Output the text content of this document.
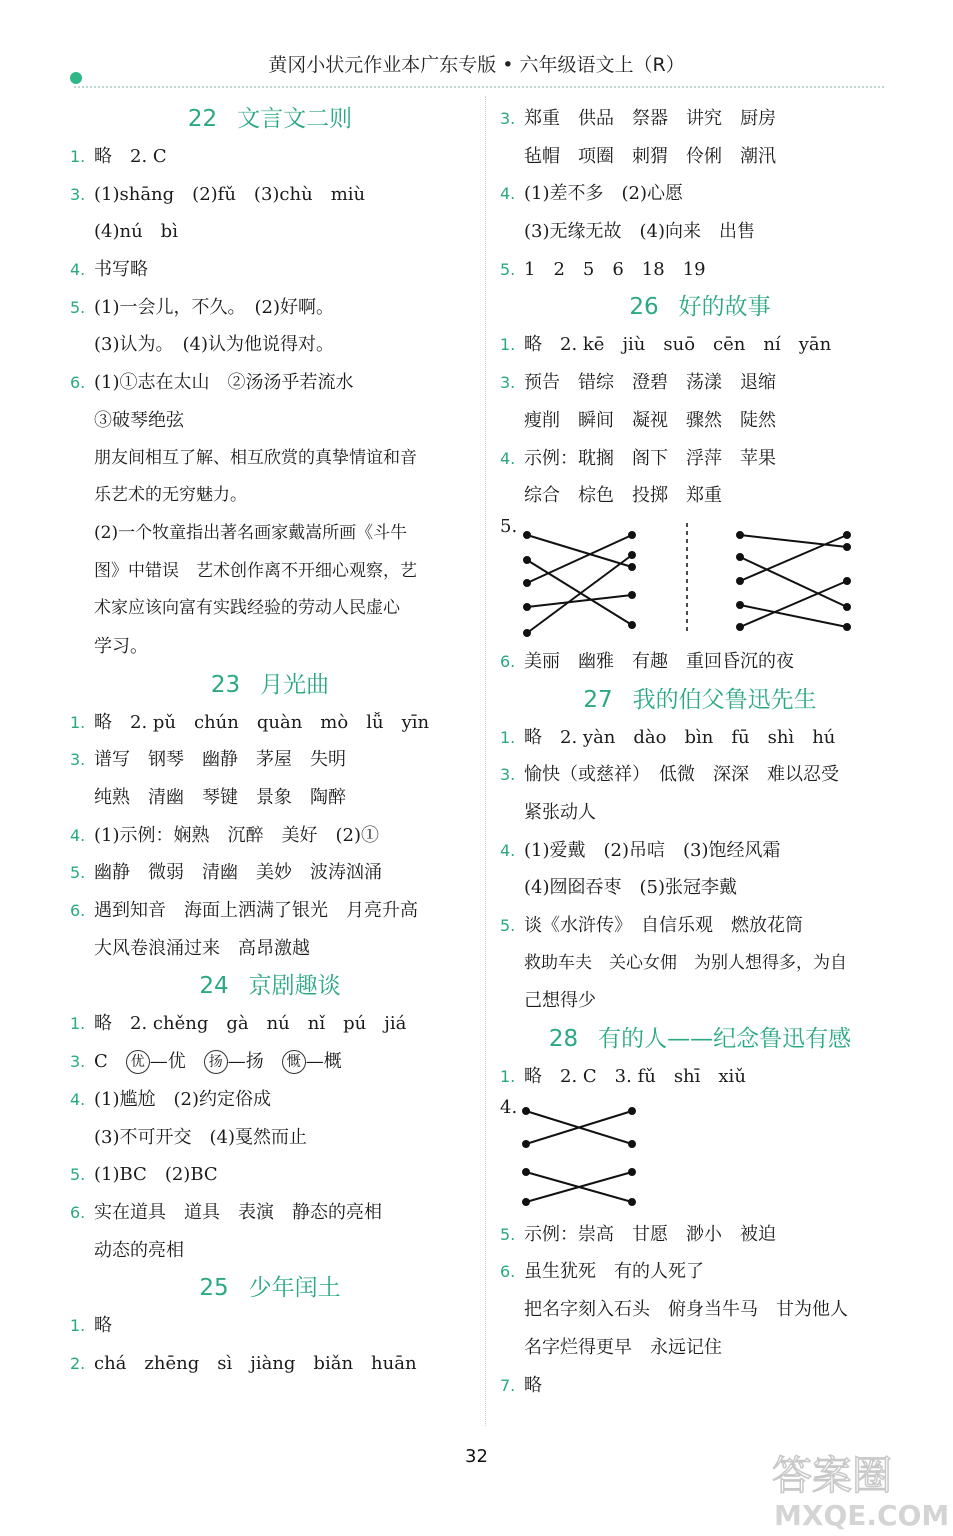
黄冈小状元作业本广东专版 • 六年级语文上（R）
22 文言文二则
1. 略　2. C
3. (1)shāng　(2)fǔ　(3)chù　miù
(4)nú　bì
4. 书写略
5. (1)一会儿，不久。　(2)好啊。
(3)认为。　(4)认为他说得对。
6. (1)①志在太山　②汤汤乎若流水
③破琴绝弦
朋友间相互了解、相互欣赏的真挚情谊和音
乐艺术的无穷魅力。
(2)一个牧童指出著名画家戴嵩所画《斗牛
图》中错误　艺术创作离不开细心观察，艺
术家应该向富有实践经验的劳动人民虚心
学习。
23 月光曲
1. 略　2. pǔ　chún　quàn　mò　lǚ　yīn
3. 谱写　钢琴　幽静　茅屋　失明
纯熟　清幽　琴键　景象　陶醉
4. (1)示例：娴熟　沉醉　美好　(2)①
5. 幽静　微弱　清幽　美妙　波涛汹涌
6. 遇到知音　海面上洒满了银光　月亮升高
大风卷浪涌过来　高昂激越
24 京剧趣谈
1. 略　2. chěng　gà　nú　nǐ　pú　jiá
3. C　 优 —优　 扬 —扬　 慨 —概
4. (1)尴尬　(2)约定俗成
(3)不可开交　(4)戛然而止
5. (1)BC　(2)BC
6. 实在道具　道具　表演　静态的亮相
动态的亮相
25 少年闰土
1. 略
2. chá　zhēng　sì　jiàng　biǎn　huān
3. 郑重　供品　祭器　讲究　厨房
毡帽　项圈　刺猬　伶俐　潮汛
4. (1)差不多　(2)心愿
(3)无缘无故　(4)向来　出售
5. 1　2　5　6　18　19
26 好的故事
1. 略　2. kē　jiù　suō　cēn　ní　yān
3. 预告　错综　澄碧　荡漾　退缩
瘦削　瞬间　凝视　骤然　陡然
4. 示例：耽搁　阁下　浮萍　苹果
综合　棕色　投掷　郑重
5.
6. 美丽　幽雅　有趣　重回昏沉的夜
27 我的伯父鲁迅先生
1. 略　2. yàn　dào　bìn　fū　shì　hú
3. 愉快（或慈祥）　低微　深深　难以忍受
紧张动人
4. (1)爱戴　(2)吊唁　(3)饱经风霜
(4)囫囵吞枣　(5)张冠李戴
5. 谈《水浒传》　自信乐观　燃放花筒
救助车夫　关心女佣　为别人想得多，为自
己想得少
28 有的人——纪念鲁迅有感
1. 略　2. C　3. fǔ　shī　xiǔ
4.
5. 示例：崇高　甘愿　渺小　被迫
6. 虽生犹死　有的人死了
把名字刻入石头　俯身当牛马　甘为他人
名字烂得更早　永远记住
7. 略
32	答案圈
MXQE.COM
